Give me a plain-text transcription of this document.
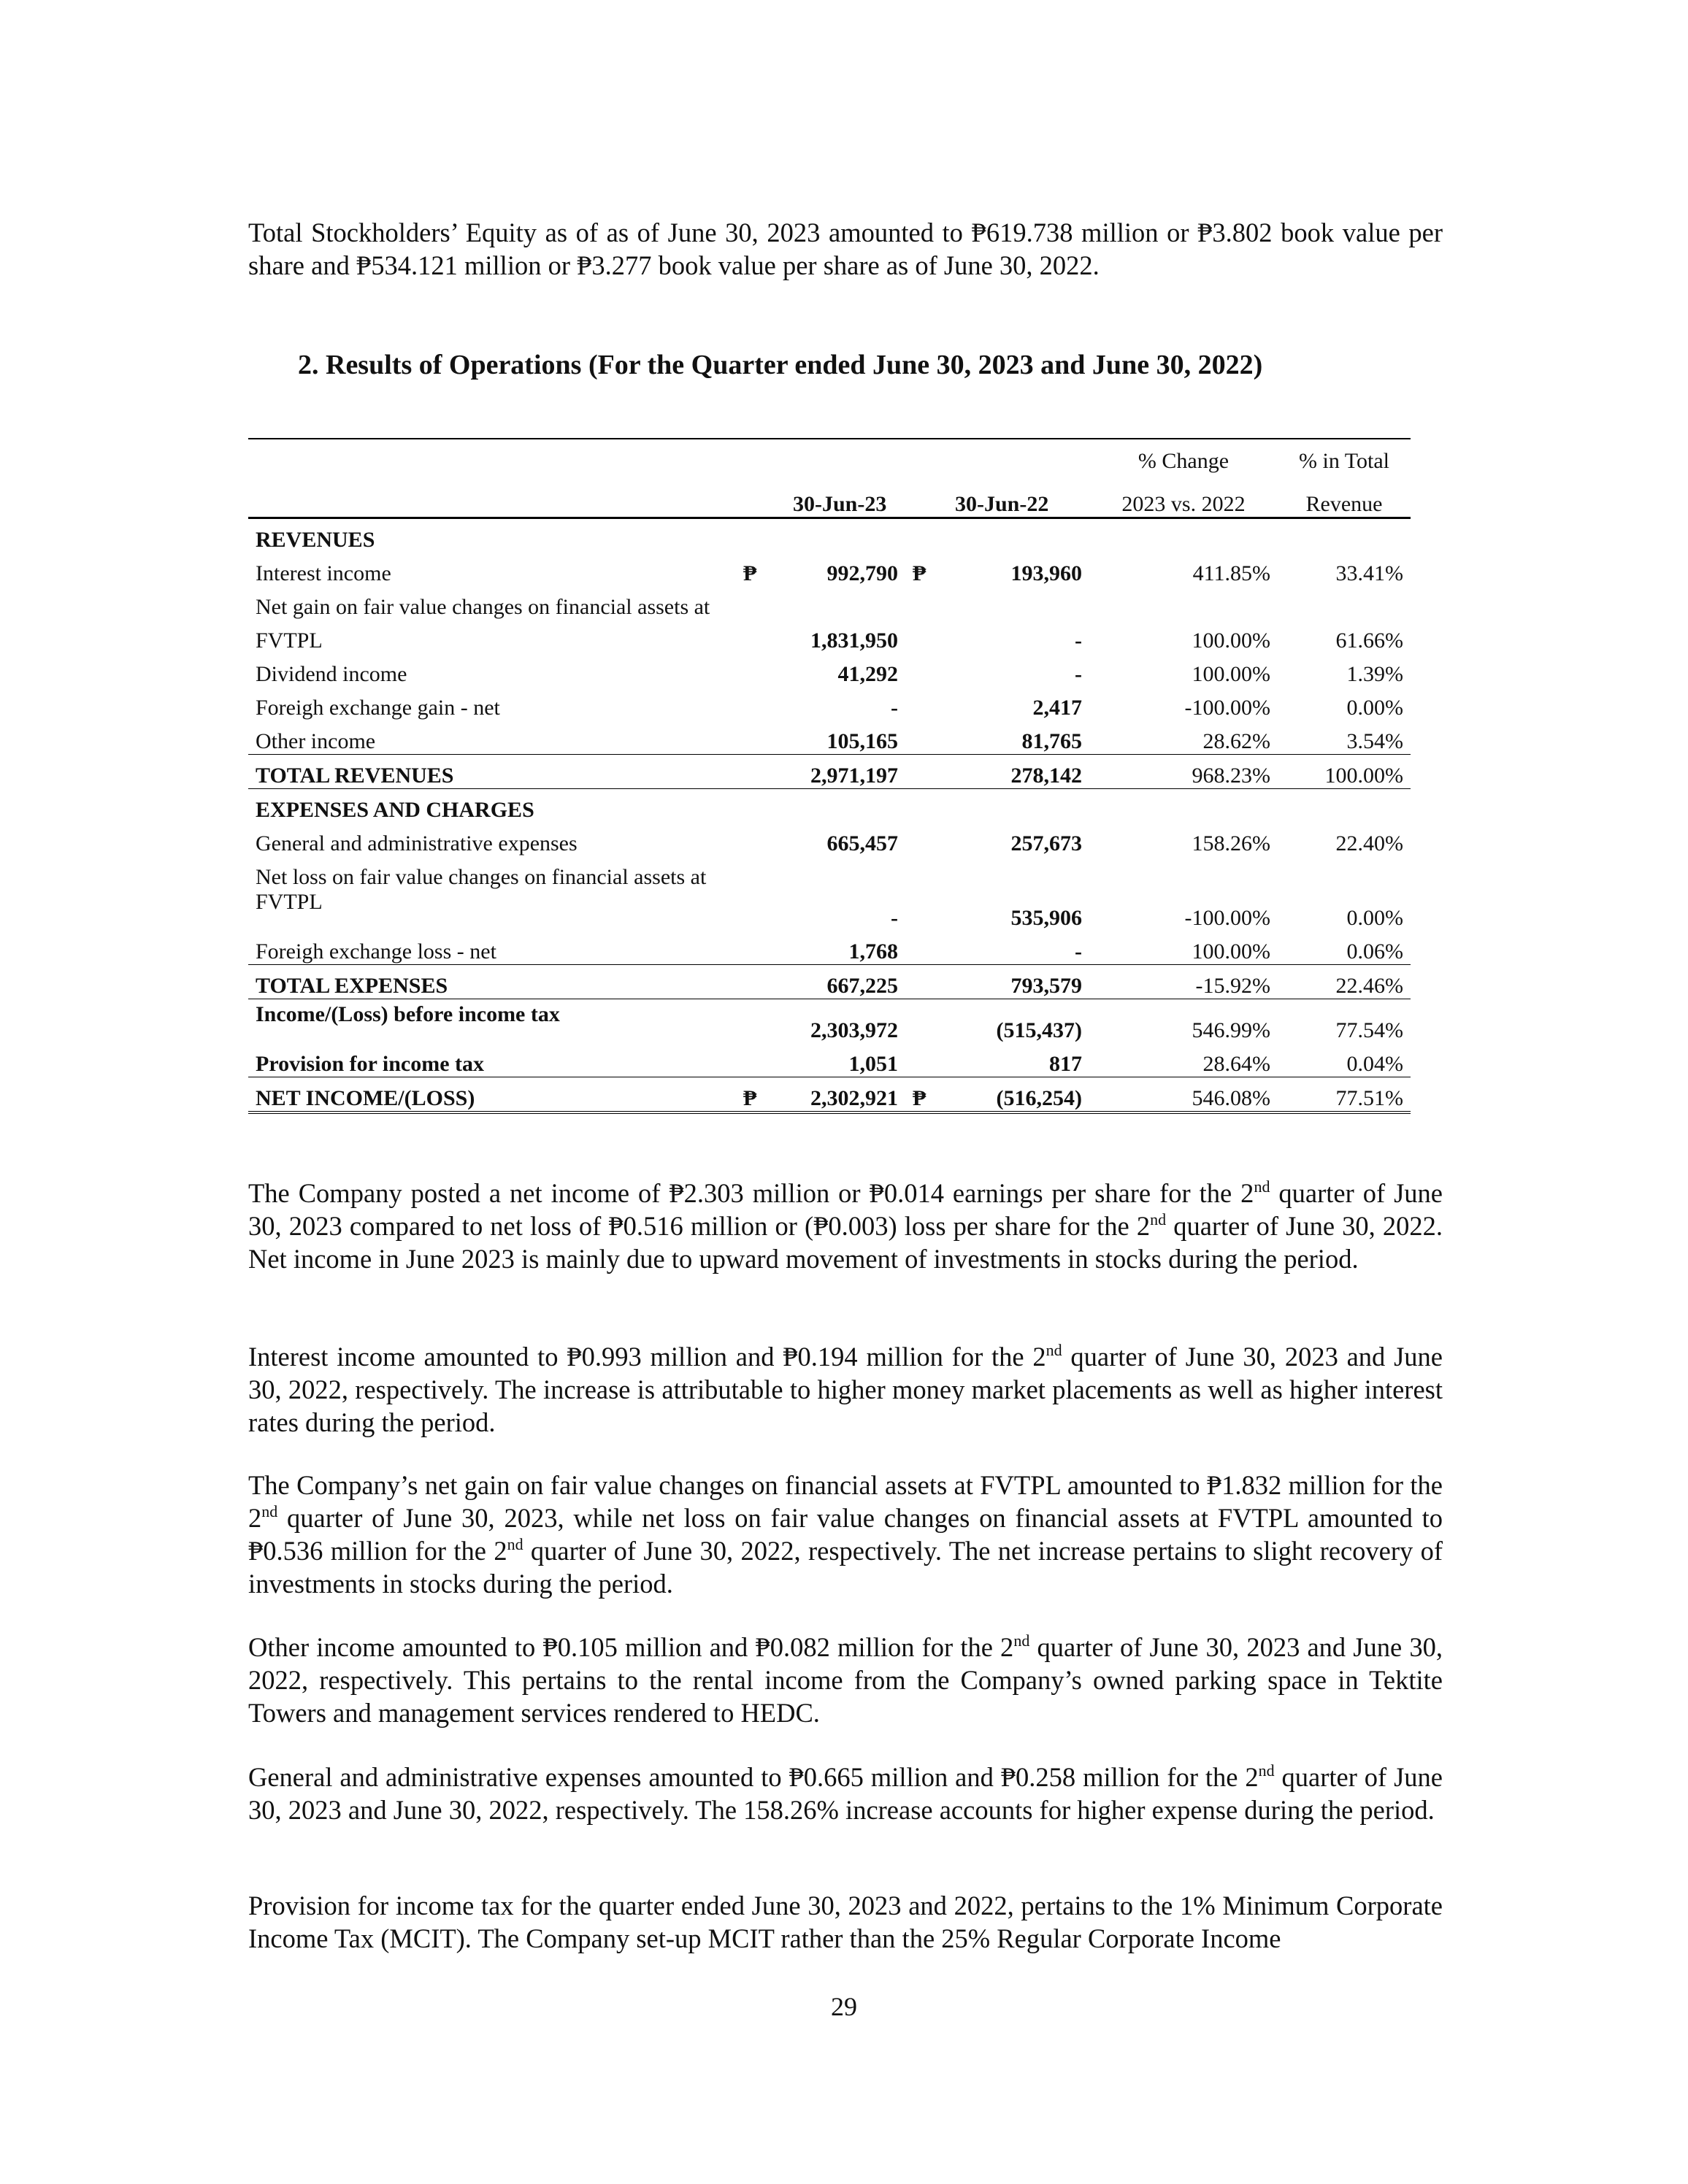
Total Stockholders’ Equity as of as of June 30, 2023 amounted to ₱619.738 million or ₱3.802 book value per share and ₱534.121 million or ₱3.277 book value per share as of June 30, 2022.

2. Results of Operations (For the Quarter ended June 30, 2023 and June 30, 2022)

					% Change	% in Total
		30-Jun-23		30-Jun-22	2023 vs. 2022	Revenue
REVENUES						
Interest income	₱	992,790	₱	193,960	411.85%	33.41%
Net gain on fair value changes on financial assets at						
FVTPL		1,831,950		-	100.00%	61.66%
Dividend income		41,292		-	100.00%	1.39%
Foreigh exchange gain - net		-		2,417	-100.00%	0.00%
Other income		105,165		81,765	28.62%	3.54%
TOTAL REVENUES		2,971,197		278,142	968.23%	100.00%
EXPENSES AND CHARGES						
General and administrative expenses		665,457		257,673	158.26%	22.40%
Net loss on fair value changes on financial assets at						
FVTPL		-		535,906	-100.00%	0.00%
Foreigh exchange loss - net		1,768		-	100.00%	0.06%
TOTAL EXPENSES		667,225		793,579	-15.92%	22.46%
Income/(Loss) before income tax		2,303,972		(515,437)	546.99%	77.54%
Provision for income tax		1,051		817	28.64%	0.04%
NET INCOME/(LOSS)	₱	2,302,921	₱	(516,254)	546.08%	77.51%

The Company posted a net income of ₱2.303 million or ₱0.014 earnings per share for the 2nd quarter of June 30, 2023 compared to net loss of ₱0.516 million or (₱0.003) loss per share for the 2nd quarter of June 30, 2022. Net income in June 2023 is mainly due to upward movement of investments in stocks during the period.

Interest income amounted to ₱0.993 million and ₱0.194 million for the 2nd quarter of June 30, 2023 and June 30, 2022, respectively. The increase is attributable to higher money market placements as well as higher interest rates during the period.

The Company’s net gain on fair value changes on financial assets at FVTPL amounted to ₱1.832 million for the 2nd quarter of June 30, 2023, while net loss on fair value changes on financial assets at FVTPL amounted to ₱0.536 million for the 2nd quarter of June 30, 2022, respectively. The net increase pertains to slight recovery of investments in stocks during the period.

Other income amounted to ₱0.105 million and ₱0.082 million for the 2nd quarter of June 30, 2023 and June 30, 2022, respectively. This pertains to the rental income from the Company’s owned parking space in Tektite Towers and management services rendered to HEDC.

General and administrative expenses amounted to ₱0.665 million and ₱0.258 million for the 2nd quarter of June 30, 2023 and June 30, 2022, respectively. The 158.26% increase accounts for higher expense during the period.

Provision for income tax for the quarter ended June 30, 2023 and 2022, pertains to the 1% Minimum Corporate Income Tax (MCIT). The Company set-up MCIT rather than the 25% Regular Corporate Income

29
